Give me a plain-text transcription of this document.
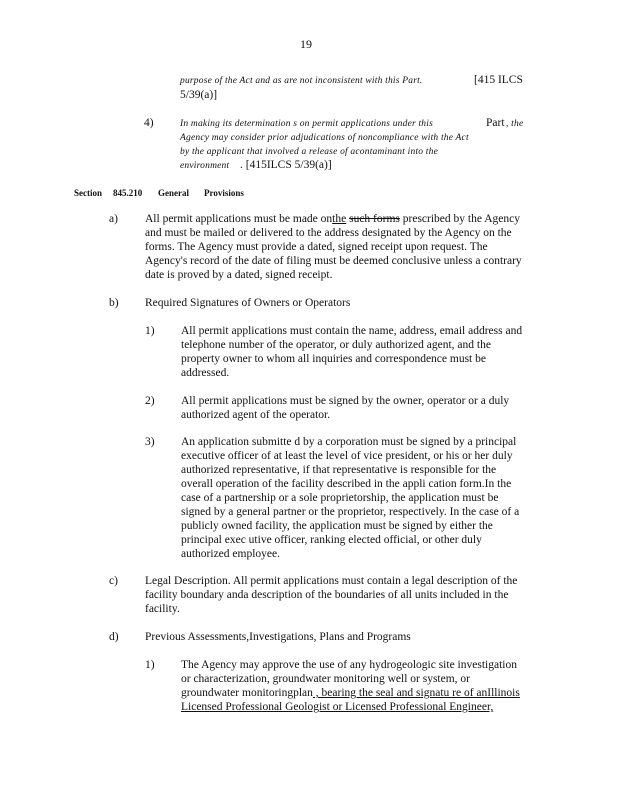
19
purpose of the Act and as are not inconsistent with this Part.	[415 ILCS
5/39(a)]
4)	In making its determination s on permit applications under this	Part , the
Agency may consider prior adjudications of noncompliance with the Act
by the applicant that involved a release of acontaminant into the
environment . [415ILCS 5/39(a)]
Section 845.210 General Provisions
a) All permit applications must be made onthe such forms prescribed by the Agency
and must be mailed or delivered to the address designated by the Agency on the
forms. The Agency must provide a dated, signed receipt upon request. The
Agency's record of the date of filing must be deemed conclusive unless a contrary
date is proved by a dated, signed receipt.
b) Required Signatures of Owners or Operators
1) All permit applications must contain the name, address, email address and
telephone number of the operator, or duly authorized agent, and the
property owner to whom all inquiries and correspondence must be
addressed.
2) All permit applications must be signed by the owner, operator or a duly
authorized agent of the operator.
3) An application submitte d by a corporation must be signed by a principal
executive officer of at least the level of vice president, or his or her duly
authorized representative, if that representative is responsible for the
overall operation of the facility described in the appli cation form.In the
case of a partnership or a sole proprietorship, the application must be
signed by a general partner or the proprietor, respectively. In the case of a
publicly owned facility, the application must be signed by either the
principal exec utive officer, ranking elected official, or other duly
authorized employee.
c) Legal Description. All permit applications must contain a legal description of the
facility boundary anda description of the boundaries of all units included in the
facility.
d) Previous Assessments,Investigations, Plans and Programs
1) The Agency may approve the use of any hydrogeologic site investigation
or characterization, groundwater monitoring well or system, or
groundwater monitoringplan , bearing the seal and signatu re of anIllinois
Licensed Professional Geologist or Licensed Professional Engineer,
